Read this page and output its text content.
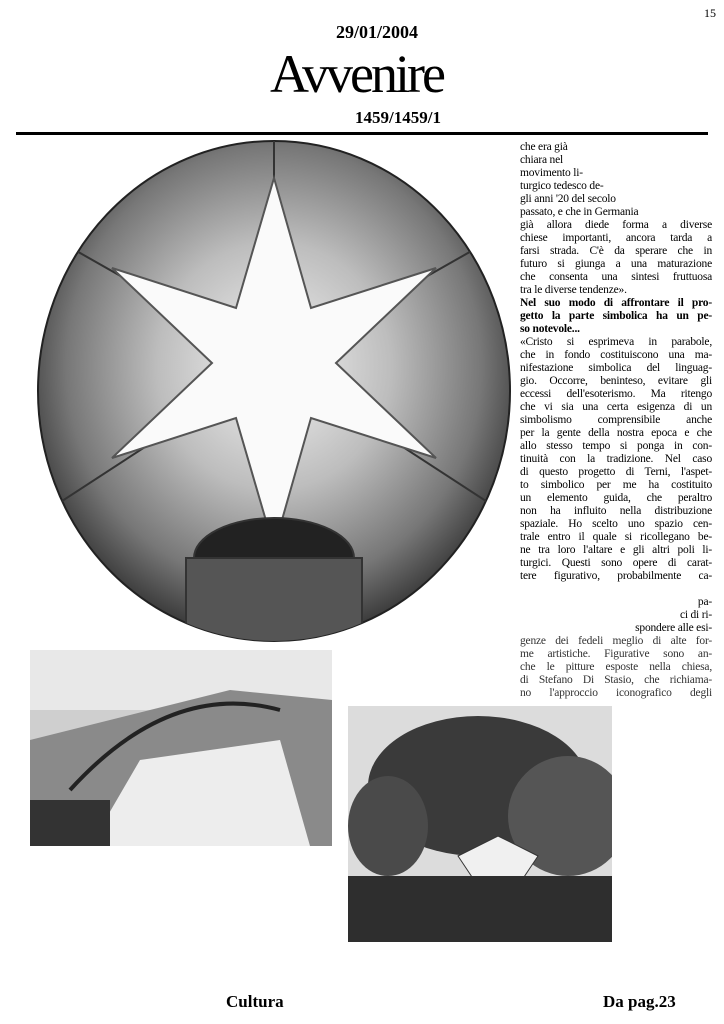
15
29/01/2004
Avvenire
1459/1459/1
che era già
chiara nel
movimento li-
turgico tedesco de-
gli anni '20 del secolo
passato, e che in Germania
già allora diede forma a diverse
chiese importanti, ancora tarda a
farsi strada. C'è da sperare che in
futuro si giunga a una maturazione
che consenta una sintesi fruttuosa
tra le diverse tendenze».
Nel suo modo di affrontare il pro-
getto la parte simbolica ha un pe-
so notevole...
«Cristo si esprimeva in parabole,
che in fondo costituiscono una ma-
nifestazione simbolica del linguag-
gio. Occorre, beninteso, evitare gli
eccessi dell'esoterismo. Ma ritengo
che vi sia una certa esigenza di un
simbolismo comprensibile anche
per la gente della nostra epoca e che
allo stesso tempo si ponga in con-
tinuità con la tradizione. Nel caso
di questo progetto di Terni, l'aspet-
to simbolico per me ha costituito
un elemento guida, che peraltro
non ha influito nella distribuzione
spaziale. Ho scelto uno spazio cen-
trale entro il quale si ricollegano be-
ne tra loro l'altare e gli altri poli li-
turgici. Questi sono opere di carat-
tere figurativo, probabilmente ca-
pa-
ci di ri-
spondere alle esi-
genze dei fedeli meglio di alte for-
me artistiche. Figurative sono an-
che le pitture esposte nella chiesa,
di Stefano Di Stasio, che richiama-
no l'approccio iconografico degli
Cultura	Da pag.23
